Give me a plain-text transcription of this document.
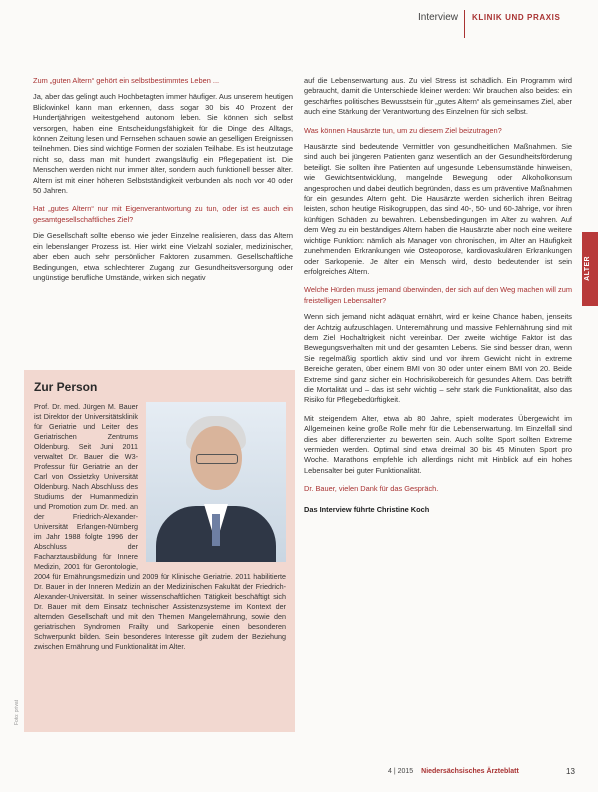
Interview KLINIK UND PRAXIS
ALTER

Zum „guten Altern“ gehört ein selbstbestimmtes Leben ...

Ja, aber das gelingt auch Hochbetagten immer häufiger. Aus unserem heutigen Blickwinkel kann man erkennen, dass sogar 30 bis 40 Prozent der Hundertjährigen weitestgehend autonom leben. Sie können sich selbst versorgen, haben eine Entscheidungsfähigkeit für die Dinge des Alltags, können Zeitung lesen und Fernsehen schauen sowie an geselligen Ereignissen teilnehmen. Dies sind wichtige Formen der sozialen Teilhabe. Es ist heutzutage nicht so, dass man mit hundert zwangsläufig ein Pflegepatient ist. Die Menschen werden nicht nur immer älter, sondern auch funktionell besser älter. Altern ist mit einer höheren Selbstständigkeit verbunden als noch vor 40 oder 50 Jahren.

Hat „gutes Altern“ nur mit Eigenverantwortung zu tun, oder ist es auch ein gesamtgesellschaftliches Ziel?

Die Gesellschaft sollte ebenso wie jeder Einzelne realisieren, dass das Altern ein lebenslanger Prozess ist. Hier wirkt eine Vielzahl sozialer, medizinischer, aber eben auch sehr persönlicher Faktoren zusammen. Gesellschaftliche Bedingungen, etwa schlechterer Zugang zur Gesundheitsversorgung oder ungünstige berufliche Umstände, wirken sich negativ

Zur Person
Prof. Dr. med. Jürgen M. Bauer ist Direktor der Universitätsklinik für Geriatrie und Leiter des Geriatrischen Zentrums Oldenburg. Seit Juni 2011 verwaltet Dr. Bauer die W3-Professur für Geriatrie an der Carl von Ossietzky Universität Oldenburg. Nach Abschluss des Studiums der Humanmedizin und Promotion zum Dr. med. an der Friedrich-Alexander-Universität Erlangen-Nürnberg im Jahr 1988 folgte 1996 der Abschluss der Facharztausbildung für Innere Medizin, 2001 für Gerontologie, 2004 für Ernährungsmedizin und 2009 für Klinische Geriatrie. 2011 habilitierte Dr. Bauer in der Inneren Medizin an der Medizinischen Fakultät der Friedrich-Alexander-Universität. In seiner wissenschaftlichen Tätigkeit beschäftigt sich Dr. Bauer mit dem Einsatz technischer Assistenzsysteme im Kontext der alternden Gesellschaft und mit den Themen Mangelernährung, sowie den geriatrischen Syndromen Frailty und Sarkopenie einen besonderen Schwerpunkt bilden. Sein besonderes Interesse gilt zudem der Beziehung zwischen Ernährung und Funktionalität im Alter.
Foto: privat

auf die Lebenserwartung aus. Zu viel Stress ist schädlich. Ein Programm wird gebraucht, damit die Unterschiede kleiner werden: Wir brauchen also beides: ein geschärftes politisches Bewusstsein für „gutes Altern“ als gemeinsames Ziel, aber auch eine Stärkung der Verantwortung des Einzelnen für sich selbst.

Was können Hausärzte tun, um zu diesem Ziel beizutragen?

Hausärzte sind bedeutende Vermittler von gesundheitlichen Maßnahmen. Sie sind auch bei jüngeren Patienten ganz wesentlich an der Gesundheitsförderung beteiligt. Sie sollten ihre Patienten auf ungesunde Lebensumstände hinweisen, wie Gewichtsentwicklung, mangelnde Bewegung oder Alkoholkonsum angesprochen und dabei deutlich begründen, dass es um präventive Maßnahmen für ein gesundes Altern geht. Die Hausärzte werden sicherlich ihren Beitrag leisten, schon heutige Risikogruppen, das sind 40-, 50- und 60-Jährige, vor ihren künftigen Schäden zu bewahren. Lebensbedingungen im Alter zu wahren. Auf dem Weg zu ein beständiges Altern haben die Hausärzte aber noch eine weitere wichtige Funktion: nämlich als Manager von chronischen, im Alter an Häufigkeit zunehmenden Erkrankungen wie Osteoporose, kardiovaskulären Erkrankungen oder Sarkopenie. Je älter ein Mensch wird, desto bedeutender ist sein erfolgreiches Altern.

Welche Hürden muss jemand überwinden, der sich auf den Weg machen will zum freistelligen Lebensalter?

Wenn sich jemand nicht adäquat ernährt, wird er keine Chance haben, jenseits der Achtzig aufzuschlagen. Unterernährung und massive Fehlernährung sind mit dem Ziel Hochaltrigkeit nicht vereinbar. Der zweite wichtige Faktor ist das Bewegungsverhalten mit und der gesamten Lebens. Sie sind besser dran, wenn Sie regelmäßig sportlich aktiv sind und vor ihrem Gewicht nicht in extreme Bereiche geraten, über einem BMI von 30 oder unter einem BMI von 20. Beide Extreme sind ganz sicher ein Hochrisikobereich für gesundes Altern. Das betrifft die Mortalität und – das ist sehr wichtig – sehr stark die Funktionalität, also das Risiko für Pflegebedürftigkeit.

Mit steigendem Alter, etwa ab 80 Jahre, spielt moderates Übergewicht im Allgemeinen keine große Rolle mehr für die Lebenserwartung. Im Einzelfall sind dies aber differenzierter zu bewerten sein. Auch sollte Sport sollten Extreme vermieden werden. Optimal sind etwa dreimal 30 bis 45 Minuten Sport pro Woche. Marathons empfehle ich allerdings nicht mit Hinblick auf ein hohes Lebensalter bei guter Funktionalität.

Dr. Bauer, vielen Dank für das Gespräch.

Das Interview führte Christine Koch

4 | 2015 Niedersächsisches Ärzteblatt	13
